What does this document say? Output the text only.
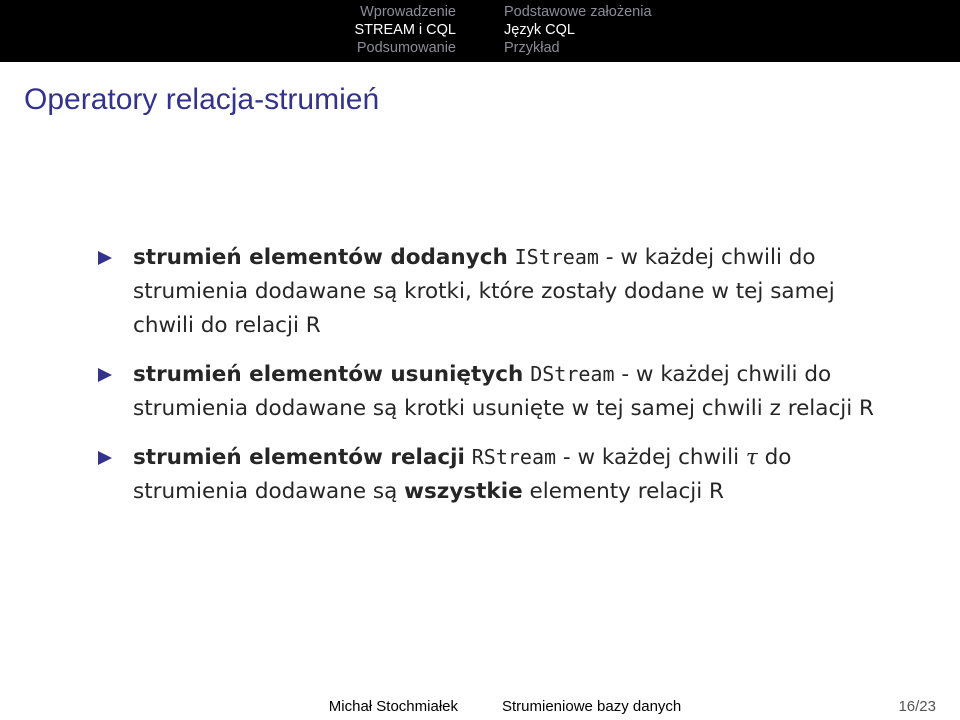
Wprowadzenie
STREAM i CQL
Podsumowanie
Podstawowe założenia
Język CQL
Przykład
Operatory relacja-strumień
strumień elementów dodanych IStream - w każdej chwili do strumienia dodawane są krotki, które zostały dodane w tej samej chwili do relacji R
strumień elementów usuniętych DStream - w każdej chwili do strumienia dodawane są krotki usunięte w tej samej chwili z relacji R
strumień elementów relacji RStream - w każdej chwili τ do strumienia dodawane są wszystkie elementy relacji R
Michał Stochmiałek	Strumieniowe bazy danych	16/23
